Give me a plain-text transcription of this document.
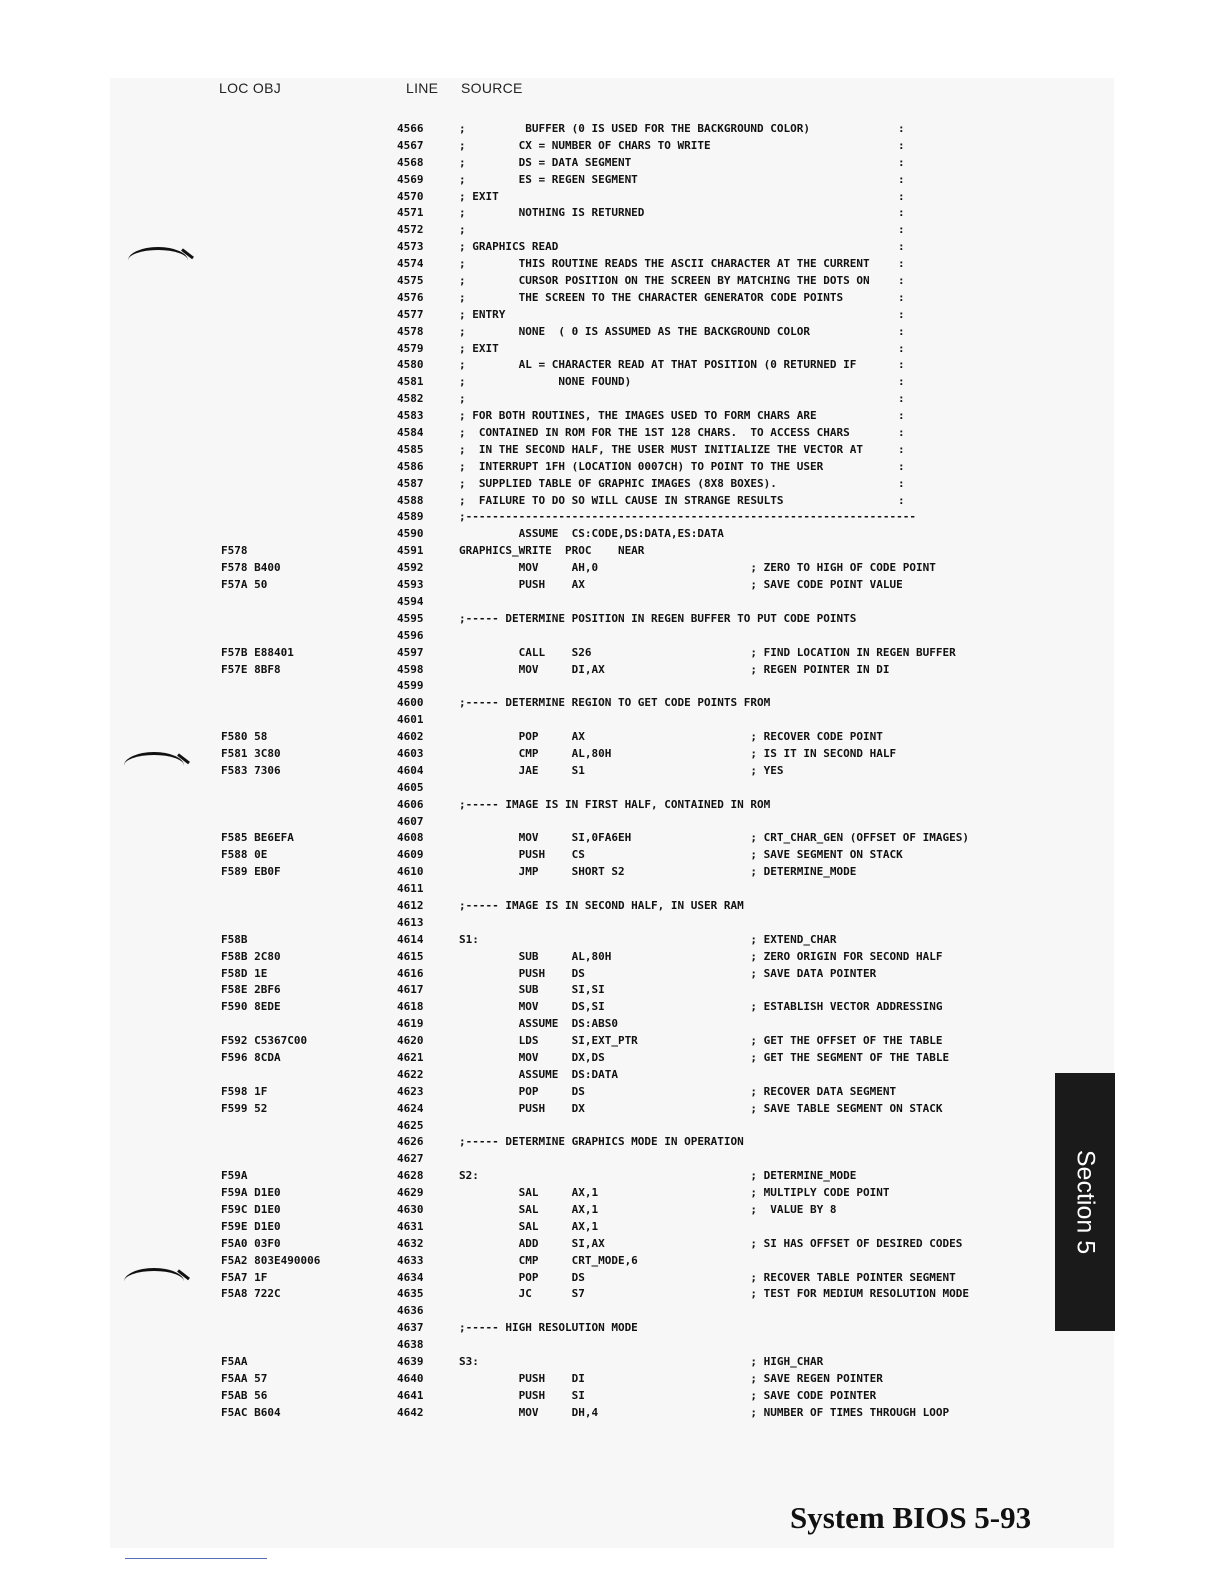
LOC OBJ	LINE SOURCE
4566	;         BUFFER (0 IS USED FOR THE BACKGROUND COLOR)	:
4567	;        CX = NUMBER OF CHARS TO WRITE	:
4568	;        DS = DATA SEGMENT	:
4569	;        ES = REGEN SEGMENT	:
4570	; EXIT	:
4571	;        NOTHING IS RETURNED	:
4572	;	:
4573	; GRAPHICS READ	:
4574	;        THIS ROUTINE READS THE ASCII CHARACTER AT THE CURRENT	:
4575	;        CURSOR POSITION ON THE SCREEN BY MATCHING THE DOTS ON	:
4576	;        THE SCREEN TO THE CHARACTER GENERATOR CODE POINTS	:
4577	; ENTRY	:
4578	;        NONE  ( 0 IS ASSUMED AS THE BACKGROUND COLOR	:
4579	; EXIT	:
4580	;        AL = CHARACTER READ AT THAT POSITION (0 RETURNED IF	:
4581	;              NONE FOUND)	:
4582	;	:
4583	; FOR BOTH ROUTINES, THE IMAGES USED TO FORM CHARS ARE	:
4584	;  CONTAINED IN ROM FOR THE 1ST 128 CHARS.  TO ACCESS CHARS	:
4585	;  IN THE SECOND HALF, THE USER MUST INITIALIZE THE VECTOR AT	:
4586	;  INTERRUPT 1FH (LOCATION 0007CH) TO POINT TO THE USER	:
4587	;  SUPPLIED TABLE OF GRAPHIC IMAGES (8X8 BOXES).	:
4588	;  FAILURE TO DO SO WILL CAUSE IN STRANGE RESULTS	:
4589	;--------------------------------------------------------------------
4590	ASSUME  CS:CODE,DS:DATA,ES:DATA
F578	4591	GRAPHICS_WRITE  PROC    NEAR
F578 B400	4592	MOV     AH,0                       ; ZERO TO HIGH OF CODE POINT
F57A 50	4593	PUSH    AX                         ; SAVE CODE POINT VALUE
4594
4595	;----- DETERMINE POSITION IN REGEN BUFFER TO PUT CODE POINTS
4596
F57B E88401	4597	CALL    S26                        ; FIND LOCATION IN REGEN BUFFER
F57E 8BF8	4598	MOV     DI,AX                      ; REGEN POINTER IN DI
4599
4600	;----- DETERMINE REGION TO GET CODE POINTS FROM
4601
F580 58	4602	POP     AX                         ; RECOVER CODE POINT
F581 3C80	4603	CMP     AL,80H                     ; IS IT IN SECOND HALF
F583 7306	4604	JAE     S1                         ; YES
4605
4606	;----- IMAGE IS IN FIRST HALF, CONTAINED IN ROM
4607
F585 BE6EFA	4608	MOV     SI,0FA6EH                  ; CRT_CHAR_GEN (OFFSET OF IMAGES)
F588 0E	4609	PUSH    CS                         ; SAVE SEGMENT ON STACK
F589 EB0F	4610	JMP     SHORT S2                   ; DETERMINE_MODE
4611
4612	;----- IMAGE IS IN SECOND HALF, IN USER RAM
4613
F58B	4614	S1:                                         ; EXTEND_CHAR
F58B 2C80	4615	SUB     AL,80H                     ; ZERO ORIGIN FOR SECOND HALF
F58D 1E	4616	PUSH    DS                         ; SAVE DATA POINTER
F58E 2BF6	4617	SUB     SI,SI
F590 8EDE	4618	MOV     DS,SI                      ; ESTABLISH VECTOR ADDRESSING
4619	ASSUME  DS:ABS0
F592 C5367C00	4620	LDS     SI,EXT_PTR                 ; GET THE OFFSET OF THE TABLE
F596 8CDA	4621	MOV     DX,DS                      ; GET THE SEGMENT OF THE TABLE
4622	ASSUME  DS:DATA
F598 1F	4623	POP     DS                         ; RECOVER DATA SEGMENT
F599 52	4624	PUSH    DX                         ; SAVE TABLE SEGMENT ON STACK
4625
4626	;----- DETERMINE GRAPHICS MODE IN OPERATION
4627
F59A	4628	S2:                                         ; DETERMINE_MODE
F59A D1E0	4629	SAL     AX,1                       ; MULTIPLY CODE POINT
F59C D1E0	4630	SAL     AX,1                       ;  VALUE BY 8
F59E D1E0	4631	SAL     AX,1
F5A0 03F0	4632	ADD     SI,AX                      ; SI HAS OFFSET OF DESIRED CODES
F5A2 803E490006	4633	CMP     CRT_MODE,6
F5A7 1F	4634	POP     DS                         ; RECOVER TABLE POINTER SEGMENT
F5A8 722C	4635	JC      S7                         ; TEST FOR MEDIUM RESOLUTION MODE
4636
4637	;----- HIGH RESOLUTION MODE
4638
F5AA	4639	S3:                                         ; HIGH_CHAR
F5AA 57	4640	PUSH    DI                         ; SAVE REGEN POINTER
F5AB 56	4641	PUSH    SI                         ; SAVE CODE POINTER
F5AC B604	4642	MOV     DH,4                       ; NUMBER OF TIMES THROUGH LOOP
Section 5
System BIOS 5-93
